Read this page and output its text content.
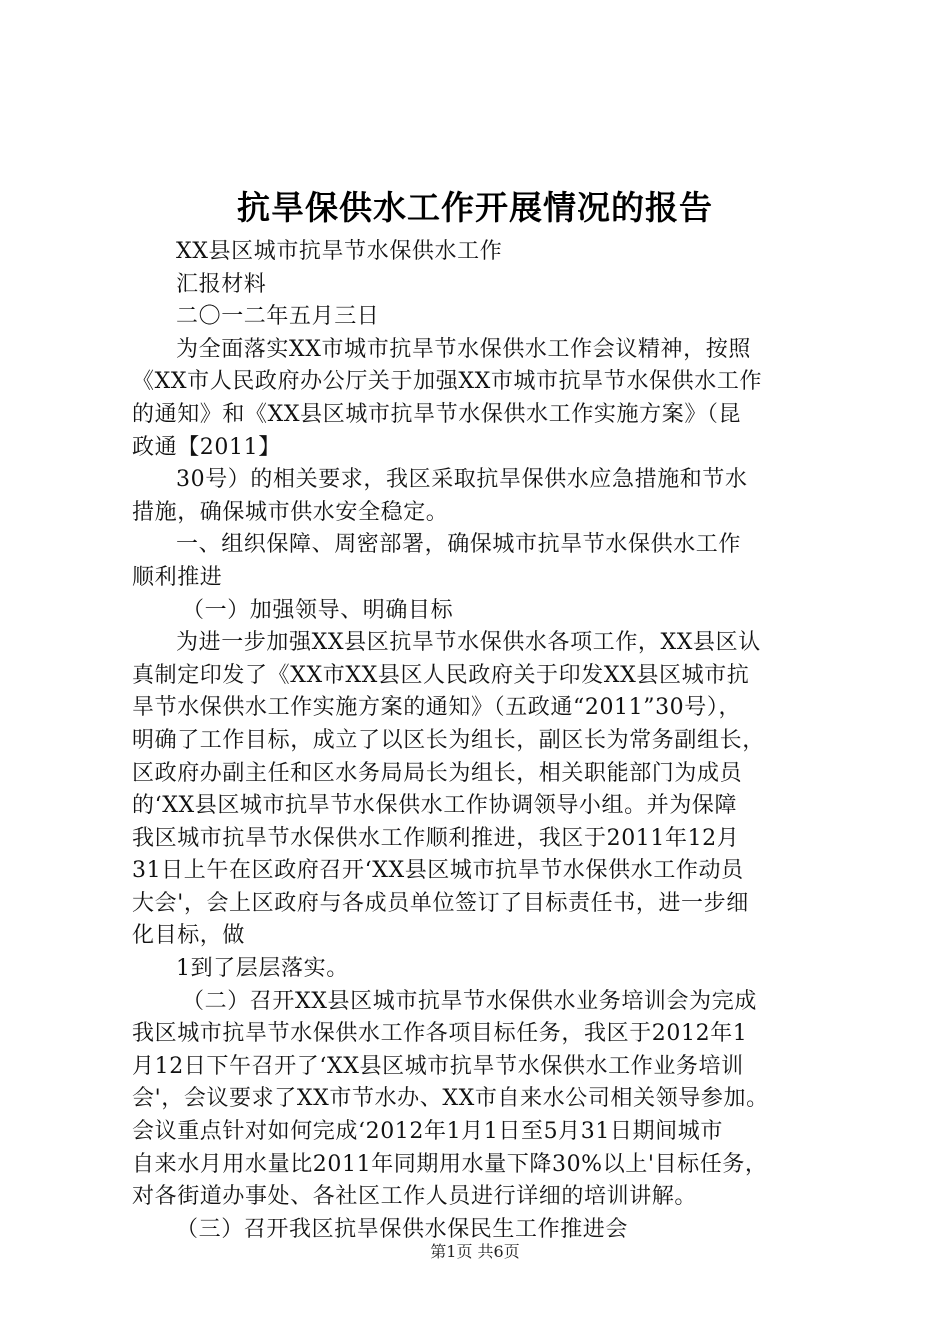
抗旱保供水工作开展情况的报告
XX县区城市抗旱节水保供水工作
汇报材料
二〇一二年五月三日
为全面落实XX市城市抗旱节水保供水工作会议精神，按照
《XX市人民政府办公厅关于加强XX市城市抗旱节水保供水工作
的通知》和《XX县区城市抗旱节水保供水工作实施方案》（昆
政通【2011】
30号）的相关要求，我区采取抗旱保供水应急措施和节水
措施，确保城市供水安全稳定。
一、组织保障、周密部署，确保城市抗旱节水保供水工作
顺利推进
（一）加强领导、明确目标
为进一步加强XX县区抗旱节水保供水各项工作，XX县区认
真制定印发了《XX市XX县区人民政府关于印发XX县区城市抗
旱节水保供水工作实施方案的通知》（五政通“2011”30号），
明确了工作目标，成立了以区长为组长，副区长为常务副组长，
区政府办副主任和区水务局局长为组长，相关职能部门为成员
的‘XX县区城市抗旱节水保供水工作协调领导小组。并为保障
我区城市抗旱节水保供水工作顺利推进，我区于2011年12月
31日上午在区政府召开‘XX县区城市抗旱节水保供水工作动员
大会'，会上区政府与各成员单位签订了目标责任书，进一步细
化目标，做
1到了层层落实。
（二）召开XX县区城市抗旱节水保供水业务培训会为完成
我区城市抗旱节水保供水工作各项目标任务，我区于2012年1
月12日下午召开了‘XX县区城市抗旱节水保供水工作业务培训
会'，会议要求了XX市节水办、XX市自来水公司相关领导参加。
会议重点针对如何完成‘2012年1月1日至5月31日期间城市
自来水月用水量比2011年同期用水量下降30%以上'目标任务，
对各街道办事处、各社区工作人员进行详细的培训讲解。
（三）召开我区抗旱保供水保民生工作推进会
第1页 共6页
